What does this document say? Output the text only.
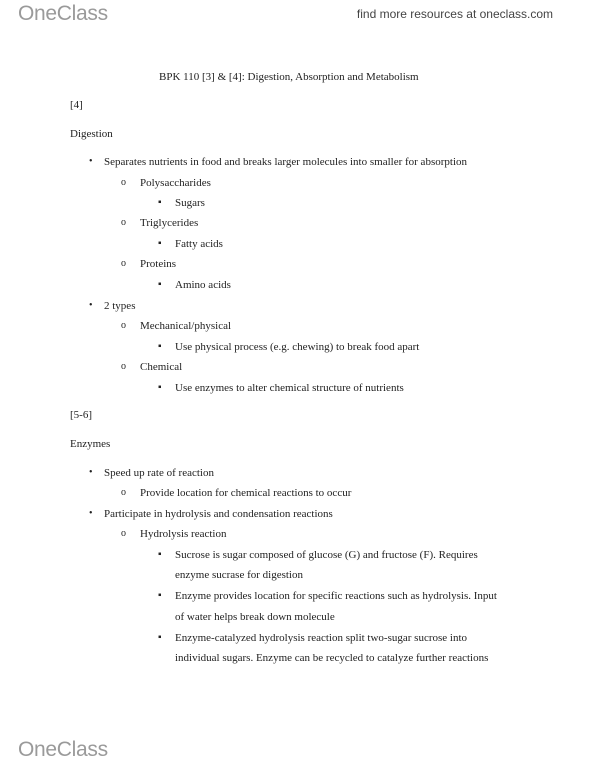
OneClass	find more resources at oneclass.com
BPK 110 [3] & [4]: Digestion, Absorption and Metabolism
[4]
Digestion
• Separates nutrients in food and breaks larger molecules into smaller for absorption
o Polysaccharides
▪ Sugars
o Triglycerides
▪ Fatty acids
o Proteins
▪ Amino acids
• 2 types
o Mechanical/physical
▪ Use physical process (e.g. chewing) to break food apart
o Chemical
▪ Use enzymes to alter chemical structure of nutrients
[5-6]
Enzymes
• Speed up rate of reaction
o Provide location for chemical reactions to occur
• Participate in hydrolysis and condensation reactions
o Hydrolysis reaction
▪ Sucrose is sugar composed of glucose (G) and fructose (F). Requires
enzyme sucrase for digestion
▪ Enzyme provides location for specific reactions such as hydrolysis. Input
of water helps break down molecule
▪ Enzyme-catalyzed hydrolysis reaction split two-sugar sucrose into
individual sugars. Enzyme can be recycled to catalyze further reactions
OneClass
